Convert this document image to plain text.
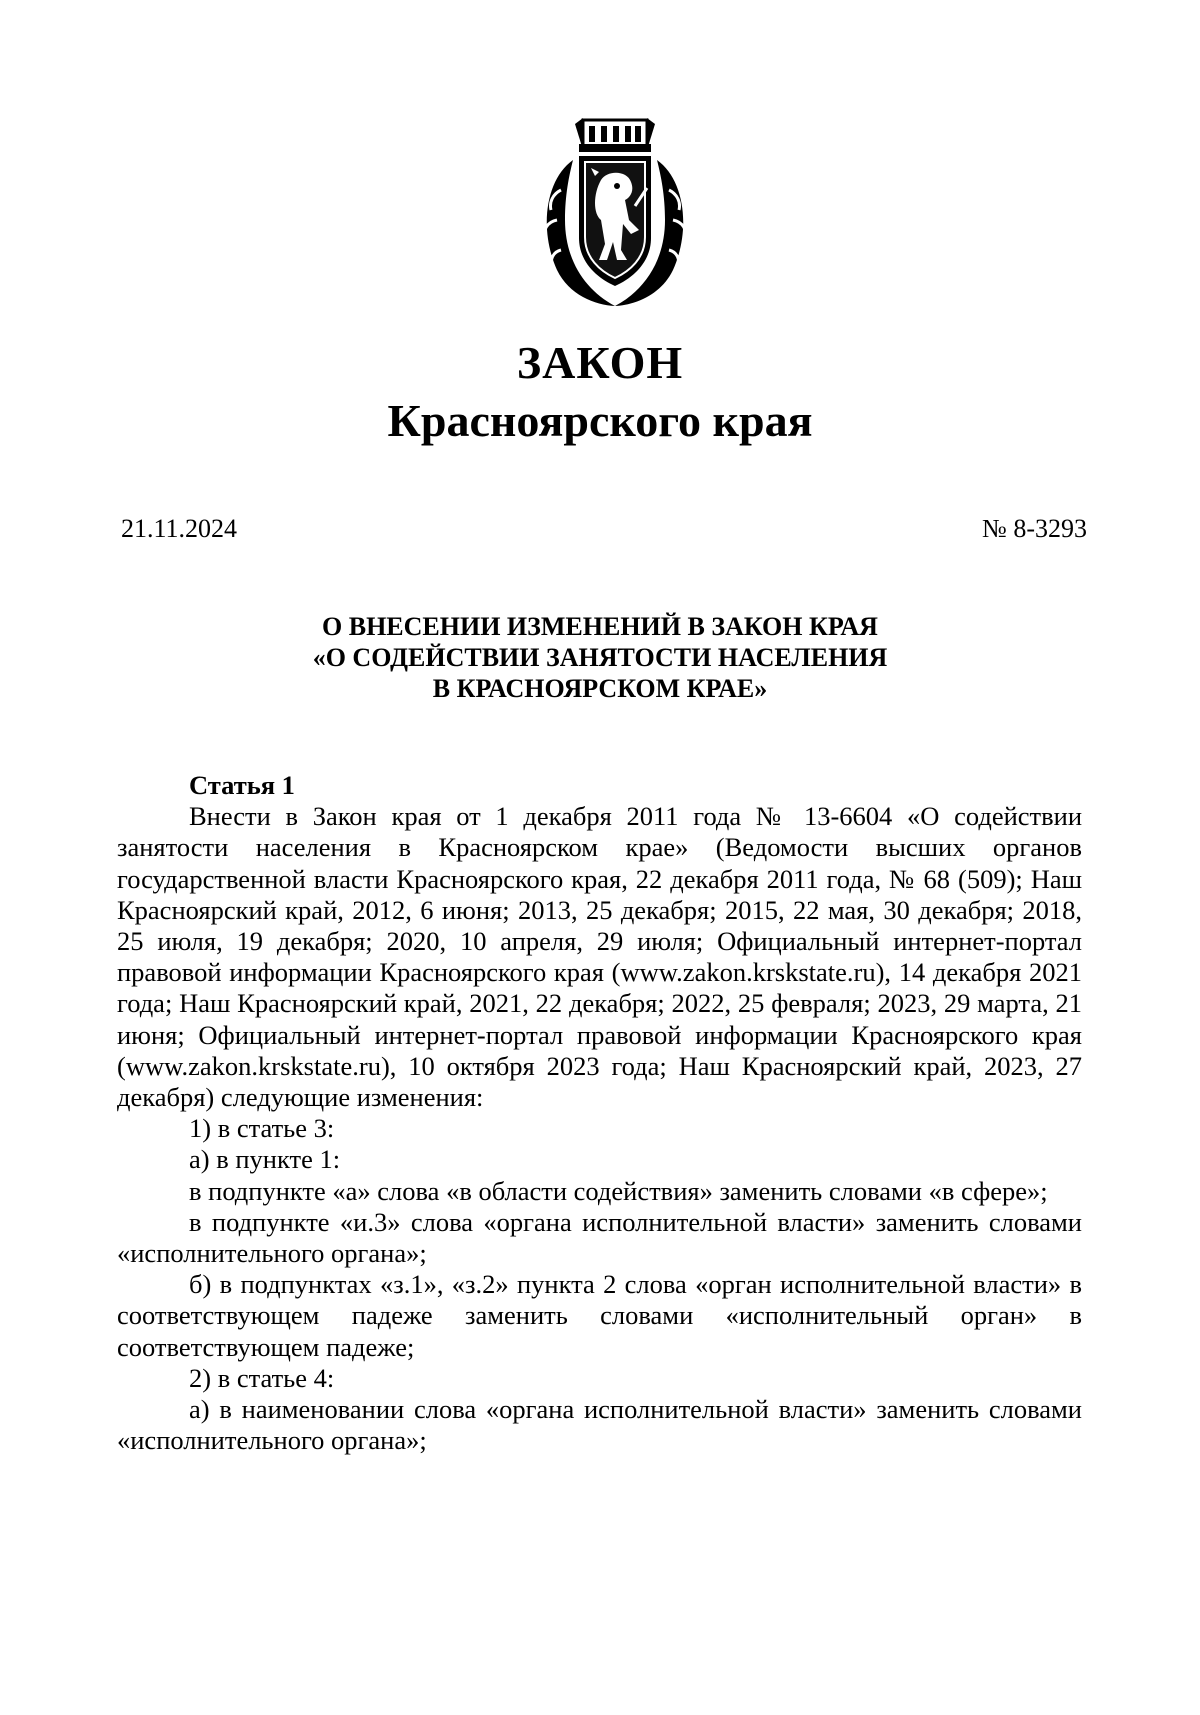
ЗАКОН
Красноярского края
21.11.2024	№ 8-3293
О ВНЕСЕНИИ ИЗМЕНЕНИЙ В ЗАКОН КРАЯ
«О СОДЕЙСТВИИ ЗАНЯТОСТИ НАСЕЛЕНИЯ
В КРАСНОЯРСКОМ КРАЕ»
Статья 1

Внести в Закон края от 1 декабря 2011 года № 13-6604 «О содействии занятости населения в Красноярском крае» (Ведомости высших органов государственной власти Красноярского края, 22 декабря 2011 года, № 68 (509); Наш Красноярский край, 2012, 6 июня; 2013, 25 декабря; 2015, 22 мая, 30 декабря; 2018, 25 июля, 19 декабря; 2020, 10 апреля, 29 июля; Официальный интернет-портал правовой информации Красноярского края (www.zakon.krskstate.ru), 14 декабря 2021 года; Наш Красноярский край, 2021, 22 декабря; 2022, 25 февраля; 2023, 29 марта, 21 июня; Официальный интернет-портал правовой информации Красноярского края (www.zakon.krskstate.ru), 10 октября 2023 года; Наш Красноярский край, 2023, 27 декабря) следующие изменения:

1) в статье 3:

а) в пункте 1:

в подпункте «а» слова «в области содействия» заменить словами «в сфере»;

в подпункте «и.3» слова «органа исполнительной власти» заменить словами «исполнительного органа»;

б) в подпунктах «з.1», «з.2» пункта 2 слова «орган исполнительной власти» в соответствующем падеже заменить словами «исполнительный орган» в соответствующем падеже;

2) в статье 4:

а) в наименовании слова «органа исполнительной власти» заменить словами «исполнительного органа»;
